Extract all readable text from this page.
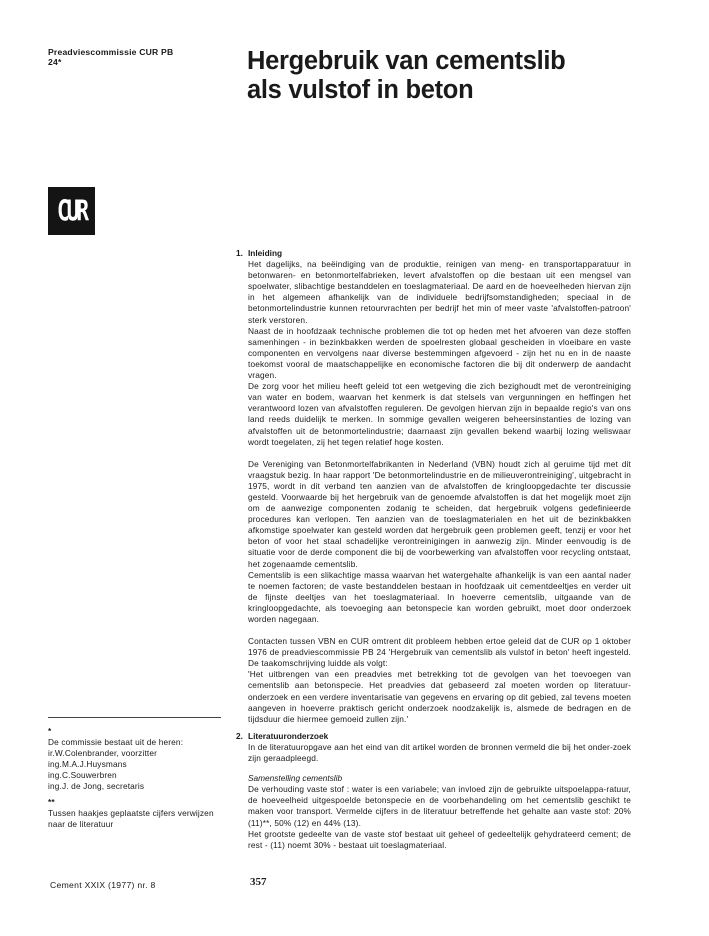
Preadviescommissie CUR PB
24*	Hergebruik van cementslib
als vulstof in beton
CUR
1. Inleiding

Het dagelijks, na beëindiging van de produktie, reinigen van meng- en transportapparatuur in betonwaren- en betonmortelfabrieken, levert afvalstoffen op die bestaan uit een mengsel van spoelwater, slibachtige bestanddelen en toeslagmateriaal. De aard en de hoeveelheden hiervan zijn in het algemeen afhankelijk van de individuele bedrijfsomstandigheden; speciaal in de betonmortelindustrie kunnen retourvrachten per bedrijf het min of meer vaste 'afvalstoffen-patroon' sterk verstoren.

Naast de in hoofdzaak technische problemen die tot op heden met het afvoeren van deze stoffen samenhingen - in bezinkbakken werden de spoelresten globaal gescheiden in vloeibare en vaste componenten en vervolgens naar diverse bestemmingen afgevoerd - zijn het nu en in de naaste toekomst vooral de maatschappelijke en economische factoren die bij dit onderwerp de aandacht vragen.

De zorg voor het milieu heeft geleid tot een wetgeving die zich bezighoudt met de verontreiniging van water en bodem, waarvan het kenmerk is dat stelsels van vergunningen en heffingen het verantwoord lozen van afvalstoffen reguleren. De gevolgen hiervan zijn in bepaalde regio's van ons land reeds duidelijk te merken. In sommige gevallen weigeren beheersinstanties de lozing van afvalstoffen uit de betonmortelindustrie; daarnaast zijn gevallen bekend waarbij lozing weliswaar wordt toegelaten, zij het tegen relatief hoge kosten.

De Vereniging van Betonmortelfabrikanten in Nederland (VBN) houdt zich al geruime tijd met dit vraagstuk bezig. In haar rapport 'De betonmortelindustrie en de milieuverontreiniging', uitgebracht in 1975, wordt in dit verband ten aanzien van de afvalstoffen de kringloopgedachte ter discussie gesteld. Voorwaarde bij het hergebruik van de genoemde afvalstoffen is dat het mogelijk moet zijn om de aanwezige componenten zodanig te scheiden, dat hergebruik volgens gedefinieerde procedures kan verlopen. Ten aanzien van de toeslagmaterialen en het uit de bezinkbakken afkomstige spoelwater kan gesteld worden dat hergebruik geen problemen geeft, tenzij er voor het beton of voor het staal schadelijke verontreinigingen in aanwezig zijn. Minder eenvoudig is de situatie voor de derde component die bij de voorbewerking van afvalstoffen voor recycling ontstaat, het zogenaamde cementslib.

Cementslib is een slikachtige massa waarvan het watergehalte afhankelijk is van een aantal nader te noemen factoren; de vaste bestanddelen bestaan in hoofdzaak uit cementdeeltjes en verder uit de fijnste deeltjes van het toeslagmateriaal. In hoeverre cementslib, uitgaande van de kringloopgedachte, als toevoeging aan betonspecie kan worden gebruikt, moet door onderzoek worden nagegaan.

Contacten tussen VBN en CUR omtrent dit probleem hebben ertoe geleid dat de CUR op 1 oktober 1976 de preadviescommissie PB 24 'Hergebruik van cementslib als vulstof in beton' heeft ingesteld. De taakomschrijving luidde als volgt:

'Het uitbrengen van een preadvies met betrekking tot de gevolgen van het toevoegen van cementslib aan betonspecie. Het preadvies dat gebaseerd zal moeten worden op literatuur-onderzoek en een verdere inventarisatie van gegevens en ervaring op dit gebied, zal tevens moeten aangeven in hoeverre praktisch gericht onderzoek noodzakelijk is, alsmede de bedragen en de tijdsduur die hiermee gemoeid zullen zijn.'

2. Literatuuronderzoek

In de literatuuropgave aan het eind van dit artikel worden de bronnen vermeld die bij het onder-zoek zijn geraadpleegd.

Samenstelling cementslib

De verhouding vaste stof : water is een variabele; van invloed zijn de gebruikte uitspoelappa-ratuur, de hoeveelheid uitgespoelde betonspecie en de voorbehandeling om het cementslib geschikt te maken voor transport. Vermelde cijfers in de literatuur betreffende het gehalte aan vaste stof: 20% (11)**, 50% (12) en 44% (13).

Het grootste gedeelte van de vaste stof bestaat uit geheel of gedeeltelijk gehydrateerd cement; de rest - (11) noemt 30% - bestaat uit toeslagmateriaal.

*
De commissie bestaat uit de heren:
ir.W.Colenbrander, voorzitter
ing.M.A.J.Huysmans
ing.C.Souwerbren
ing.J. de Jong, secretaris
**
Tussen haakjes geplaatste cijfers verwijzen
naar de literatuur
Cement XXIX (1977) nr. 8	357
